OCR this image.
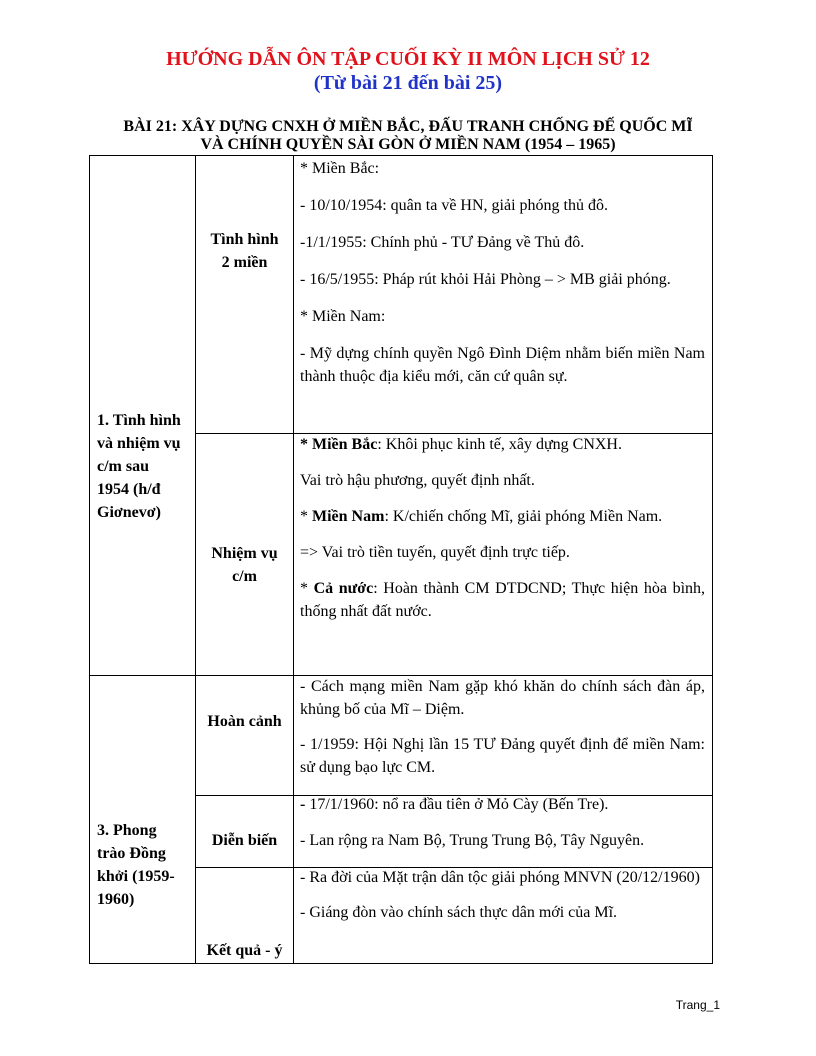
HƯỚNG DẪN ÔN TẬP CUỐI KỲ II MÔN LỊCH SỬ 12
(Từ bài 21 đến bài 25)
BÀI 21: XÂY DỰNG CNXH Ở MIỀN BẮC, ĐẤU TRANH CHỐNG ĐẾ QUỐC MĨ
VÀ CHÍNH QUYỀN SÀI GÒN Ở MIỀN NAM (1954 – 1965)
1. Tình hình
và nhiệm vụ
c/m sau
1954 (h/đ
Giơnevơ)
Tình hình
2 miền

* Miền Bắc:

- 10/10/1954: quân ta về HN, giải phóng thủ đô.

-1/1/1955: Chính phủ - TƯ Đảng về Thủ đô.

- 16/5/1955: Pháp rút khỏi Hải Phòng – > MB giải phóng.

* Miền Nam:

- Mỹ dựng chính quyền Ngô Đình Diệm nhằm biến miền Nam thành thuộc địa kiểu mới, căn cứ quân sự.

Nhiệm vụ
c/m

* Miền Bắc: Khôi phục kinh tế, xây dựng CNXH.

Vai trò hậu phương, quyết định nhất.

* Miền Nam: K/chiến chống Mĩ, giải phóng Miền Nam.

=> Vai trò tiền tuyến, quyết định trực tiếp.

* Cả nước: Hoàn thành CM DTDCND; Thực hiện hòa bình, thống nhất đất nước.

3. Phong
trào Đồng
khởi (1959-
1960)
Hoàn cảnh

- Cách mạng miền Nam gặp khó khăn do chính sách đàn áp, khủng bố của Mĩ – Diệm.

- 1/1959: Hội Nghị lần 15 TƯ Đảng quyết định để miền Nam: sử dụng bạo lực CM.

Diễn biến

- 17/1/1960: nổ ra đầu tiên ở Mỏ Cày (Bến Tre).

- Lan rộng ra Nam Bộ, Trung Trung Bộ, Tây Nguyên.

Kết quả - ý

- Ra đời của Mặt trận dân tộc giải phóng MNVN (20/12/1960)

- Giáng đòn vào chính sách thực dân mới của Mĩ.

Trang_1
